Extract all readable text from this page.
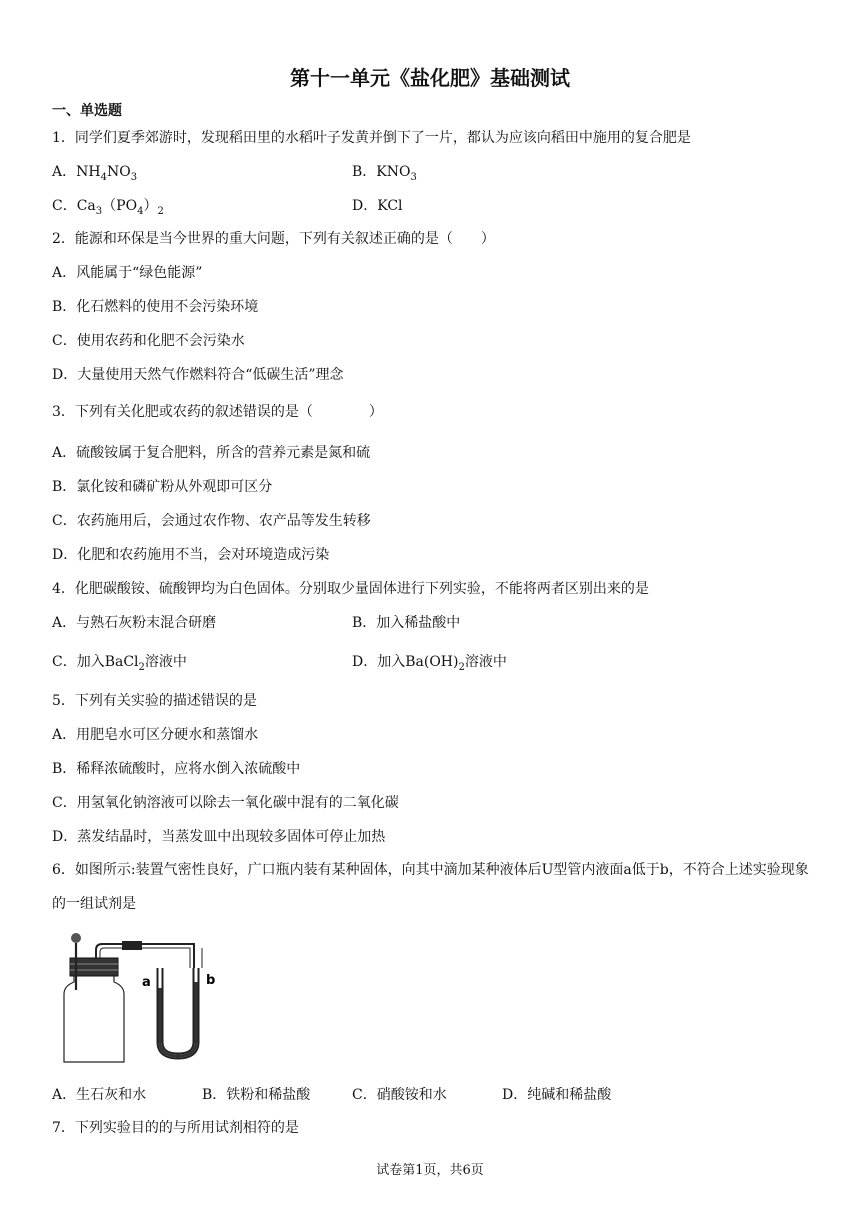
第十一单元《盐化肥》基础测试
一、单选题
1．同学们夏季郊游时，发现稻田里的水稻叶子发黄并倒下了一片，都认为应该向稻田中施用的复合肥是
A．$NH_4NO_3$	B．$KNO_3$
C．$Ca_3(PO_4)_2$	D．KCl
2．能源和环保是当今世界的重大问题，下列有关叙述正确的是（　　）
A．风能属于“绿色能源”
B．化石燃料的使用不会污染环境
C．使用农药和化肥不会污染水
D．大量使用天然气作燃料符合“低碳生活”理念
3．下列有关化肥或农药的叙述错误的是（　　　　）
A．硫酸铵属于复合肥料，所含的营养元素是氮和硫
B．氯化铵和磷矿粉从外观即可区分
C．农药施用后，会通过农作物、农产品等发生转移
D．化肥和农药施用不当，会对环境造成污染
4．化肥碳酸铵、硫酸钾均为白色固体。分别取少量固体进行下列实验，不能将两者区别出来的是
A．与熟石灰粉末混合研磨	B．加入稀盐酸中
C．加入BaCl$_2$溶液中	D．加入$Ba(OH)_2$溶液中
5．下列有关实验的描述错误的是
A．用肥皂水可区分硬水和蒸馏水
B．稀释浓硫酸时，应将水倒入浓硫酸中
C．用氢氧化钠溶液可以除去一氧化碳中混有的二氧化碳
D．蒸发结晶时，当蒸发皿中出现较多固体可停止加热
6．如图所示:装置气密性良好，广口瓶内装有某种固体，向其中滴加某种液体后U型管内液面a低于b，不符合上述实验现象的一组试剂是
a	b
A．生石灰和水	B．铁粉和稀盐酸	C．硝酸铵和水	D．纯碱和稀盐酸
7．下列实验目的的与所用试剂相符的是
试卷第1页，共6页
